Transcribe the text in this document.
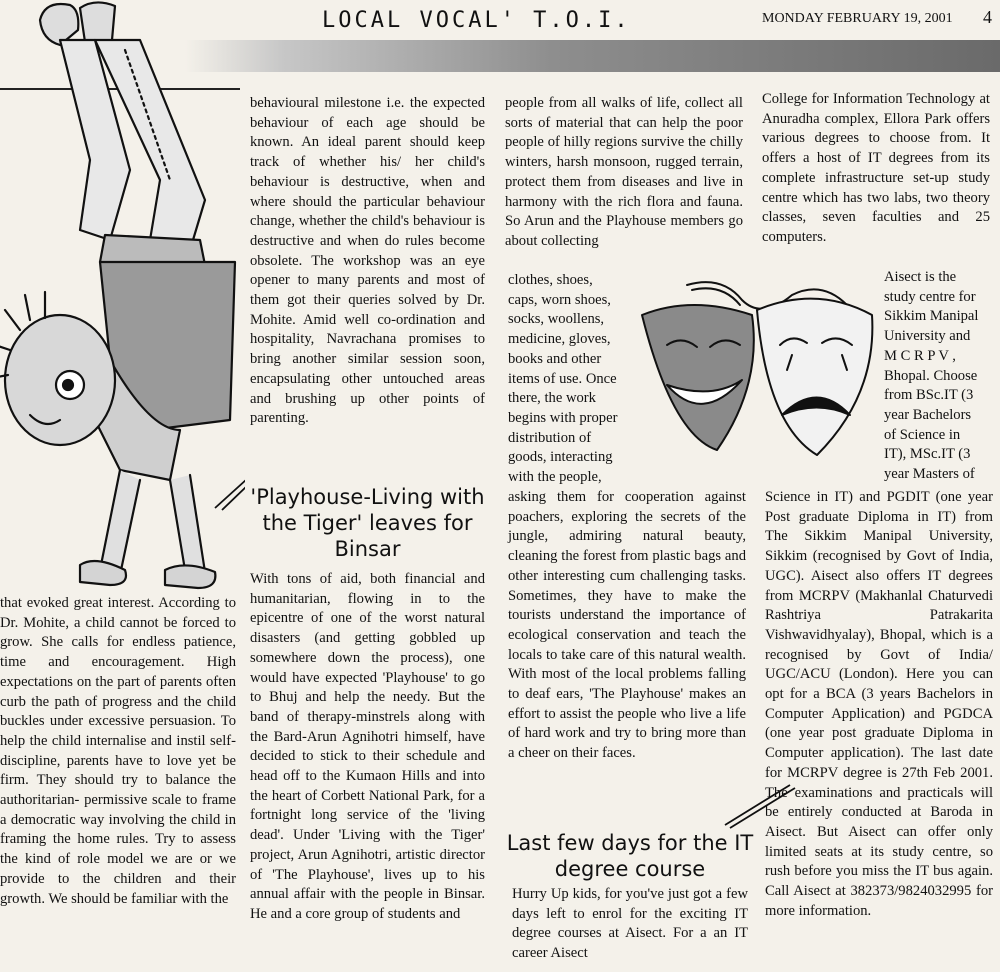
LOCAL VOCAL' T.O.I.	MONDAY FEBRUARY 19, 2001 4
that evoked great interest. According to Dr. Mohite, a child cannot be forced to grow. She calls for endless patience, time and encouragement. High expectations on the part of parents often curb the path of progress and the child buckles under excessive persuasion. To help the child internalise and instil self-discipline, parents have to love yet be firm. They should try to balance the authoritarian- permissive scale to frame a democratic way involving the child in framing the home rules. Try to assess the kind of role model we are or we provide to the children and their growth. We should be familiar with the
behavioural milestone i.e. the expected behaviour of each age should be known. An ideal parent should keep track of whether his/ her child's behaviour is destructive, when and where should the particular behaviour change, whether the child's behaviour is destructive and when do rules become obsolete. The workshop was an eye opener to many parents and most of them got their queries solved by Dr. Mohite. Amid well co-ordination and hospitality, Navrachana promises to bring another similar session soon, encapsulating other untouched areas and brushing up other points of parenting.
'Playhouse-Living with the Tiger' leaves for Binsar
With tons of aid, both financial and humanitarian, flowing in to the epicentre of one of the worst natural disasters (and getting gobbled up somewhere down the process), one would have expected 'Playhouse' to go to Bhuj and help the needy. But the band of therapy-minstrels along with the Bard-Arun Agnihotri himself, have decided to stick to their schedule and head off to the Kumaon Hills and into the heart of Corbett National Park, for a fortnight long service of the 'living dead'. Under 'Living with the Tiger' project, Arun Agnihotri, artistic director of 'The Playhouse', lives up to his annual affair with the people in Binsar. He and a core group of students and
people from all walks of life, collect all sorts of material that can help the poor people of hilly regions survive the chilly winters, harsh monsoon, rugged terrain, protect them from diseases and live in harmony with the rich flora and fauna. So Arun and the Playhouse members go about collecting
clothes, shoes,
caps, worn shoes,
socks, woollens,
medicine, gloves,
books and other
items of use. Once
there, the work
begins with proper
distribution of
goods, interacting
with the people,
asking them for cooperation against poachers, exploring the secrets of the jungle, admiring natural beauty, cleaning the forest from plastic bags and other interesting cum challenging tasks. Sometimes, they have to make the tourists understand the importance of ecological conservation and teach the locals to take care of this natural wealth. With most of the local problems falling to deaf ears, 'The Playhouse' makes an effort to assist the people who live a life of hard work and try to bring more than a cheer on their faces.
Last few days for the IT degree course
Hurry Up kids, for you've just got a few days left to enrol for the exciting IT degree courses at Aisect. For a an IT career Aisect
College for Information Technology at Anuradha complex, Ellora Park offers various degrees to choose from. It offers a host of IT degrees from its complete infrastructure set-up study centre which has two labs, two theory classes, seven faculties and 25 computers.
Aisect is the
study centre for
Sikkim Manipal
University and
M C R P V ,
Bhopal. Choose
from BSc.IT (3
year Bachelors
of Science in
IT), MSc.IT (3
year Masters of
Science in IT) and PGDIT (one year Post graduate Diploma in IT) from The Sikkim Manipal University, Sikkim (recognised by Govt of India, UGC). Aisect also offers IT degrees from MCRPV (Makhanlal Chaturvedi Rashtriya Patrakarita Vishwavidhyalay), Bhopal, which is a recognised by Govt of India/ UGC/ACU (London). Here you can opt for a BCA (3 years Bachelors in Computer Application) and PGDCA (one year post graduate Diploma in Computer application). The last date for MCRPV degree is 27th Feb 2001. The examinations and practicals will be entirely conducted at Baroda in Aisect. But Aisect can offer only limited seats at its study centre, so rush before you miss the IT bus again. Call Aisect at 382373/9824032995 for more information.
